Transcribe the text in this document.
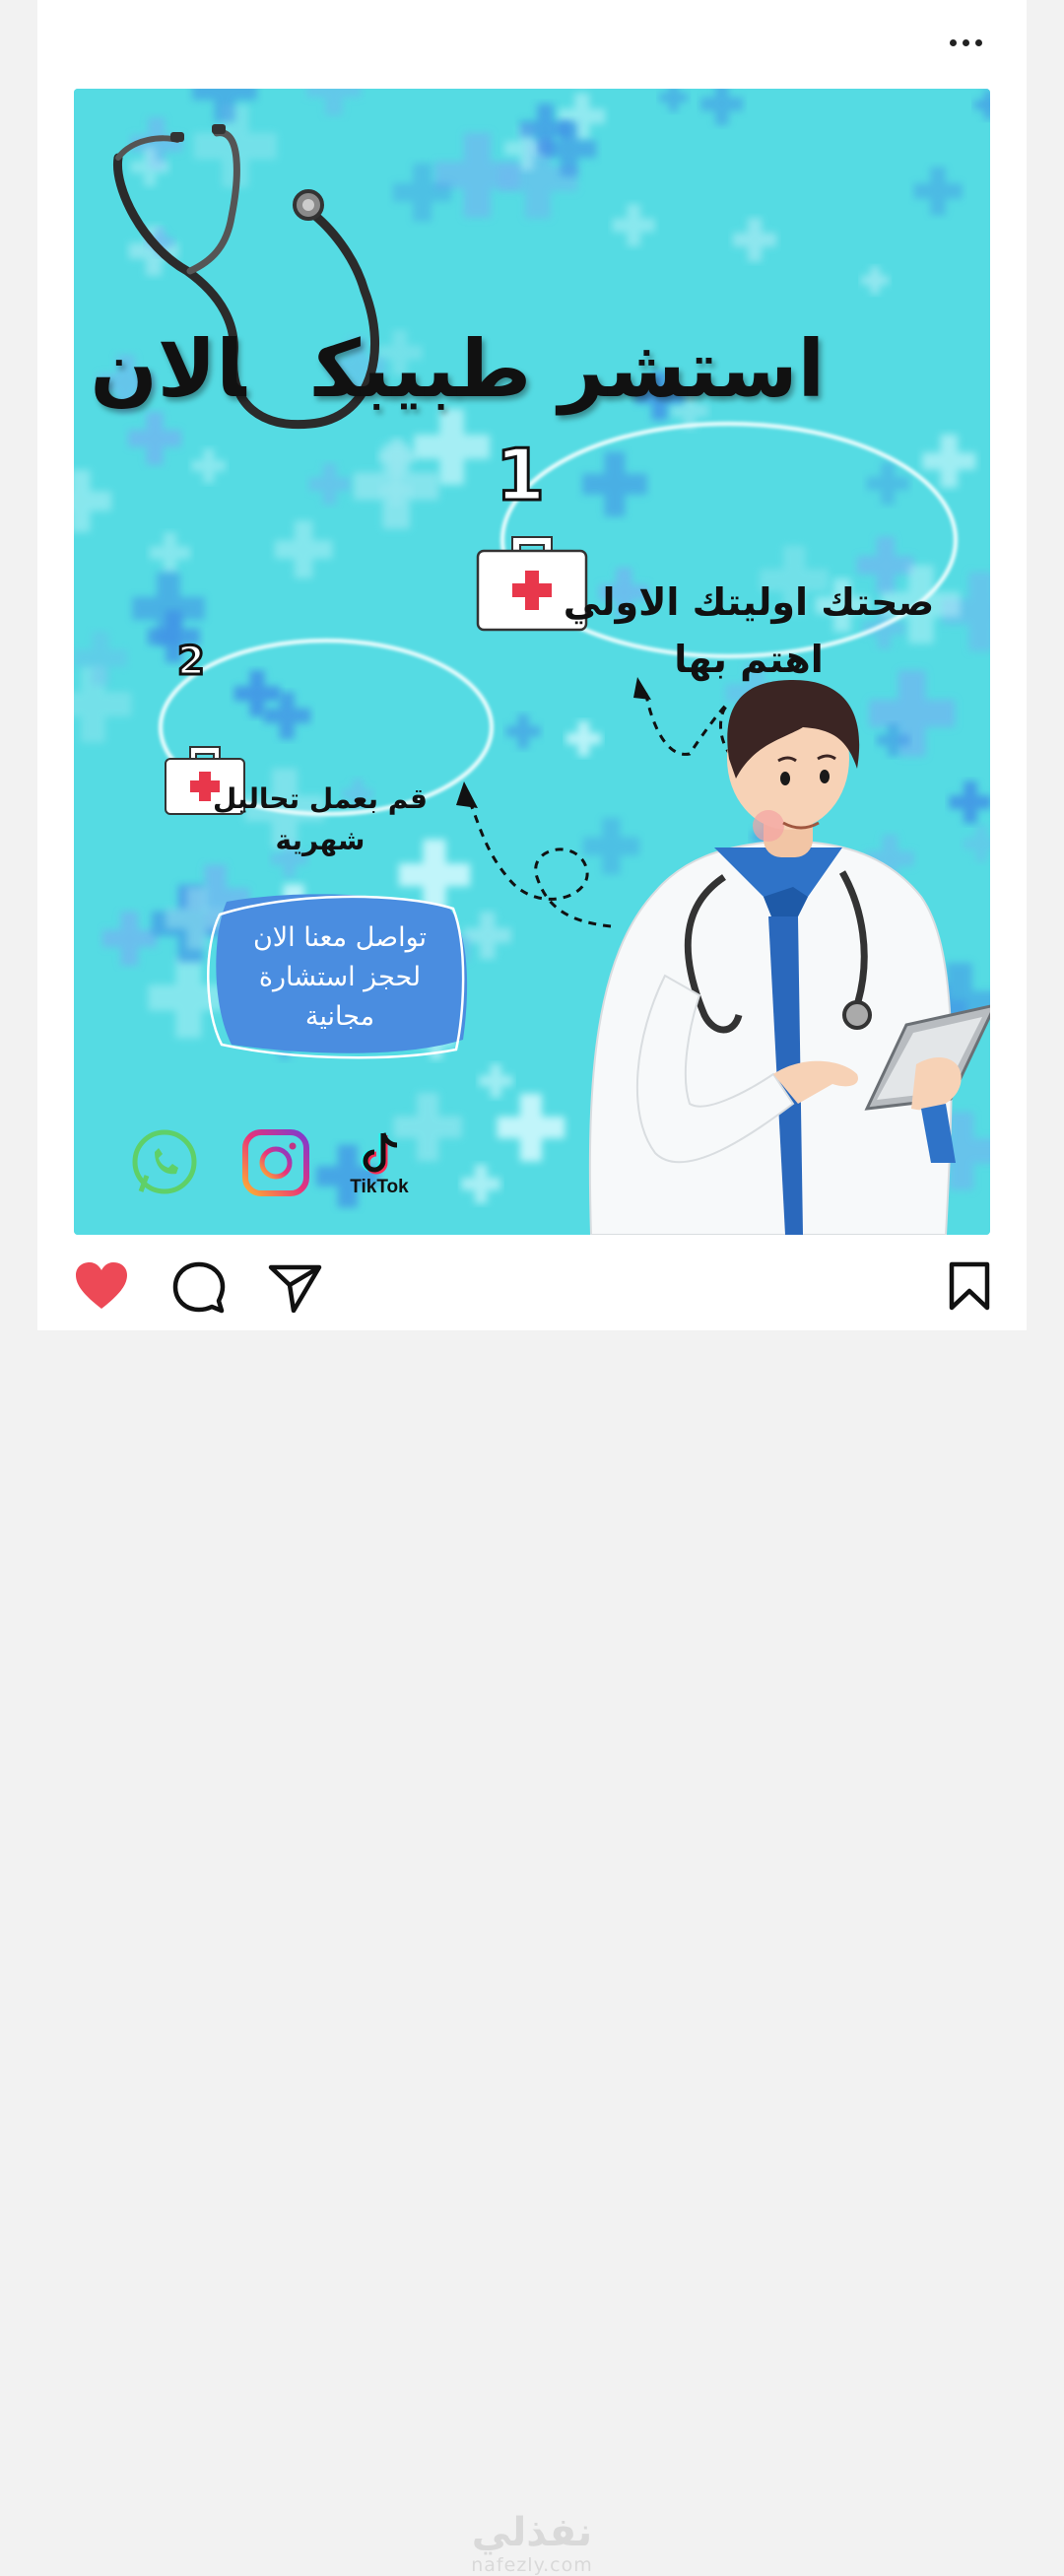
استشر طبيبكالان
1
صحتك اوليتك الاولي
اهتم بها
2
قم بعمل تحاليل
شهرية
تواصل معنا الان
لحجز استشارة
مجانية
TikTok
نفذلي
nafezly.com
